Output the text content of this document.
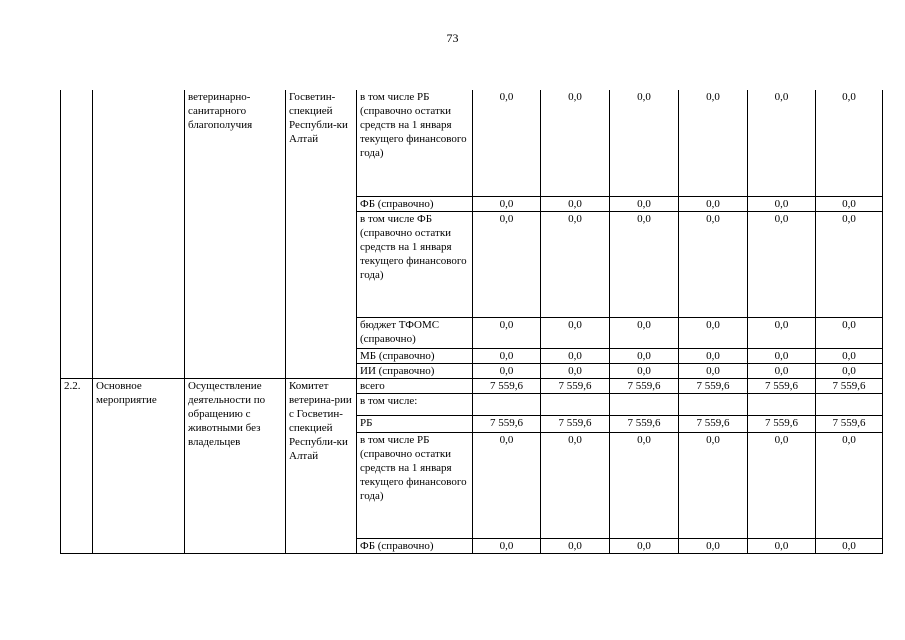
73
		ветеринарно-санитарного благополучия	Госветин-спекцией Республи-ки Алтай	в том числе РБ (справочно остатки средств на 1 января текущего финансового года)	0,0	0,0	0,0	0,0	0,0	0,0
				ФБ (справочно)	0,0	0,0	0,0	0,0	0,0	0,0
				в том числе ФБ (справочно остатки средств на 1 января текущего финансового года)	0,0	0,0	0,0	0,0	0,0	0,0
				бюджет ТФОМС (справочно)	0,0	0,0	0,0	0,0	0,0	0,0
				МБ (справочно)	0,0	0,0	0,0	0,0	0,0	0,0
				ИИ (справочно)	0,0	0,0	0,0	0,0	0,0	0,0
2.2.	Основное мероприятие	Осуществление деятельности по обращению с животными без владельцев	Комитет ветерина-рии с Госветин-спекцией Республи-ки Алтай	всего	7 559,6	7 559,6	7 559,6	7 559,6	7 559,6	7 559,6
				в том числе:						
				РБ	7 559,6	7 559,6	7 559,6	7 559,6	7 559,6	7 559,6
				в том числе РБ (справочно остатки средств на 1 января текущего финансового года)	0,0	0,0	0,0	0,0	0,0	0,0
				ФБ (справочно)	0,0	0,0	0,0	0,0	0,0	0,0
